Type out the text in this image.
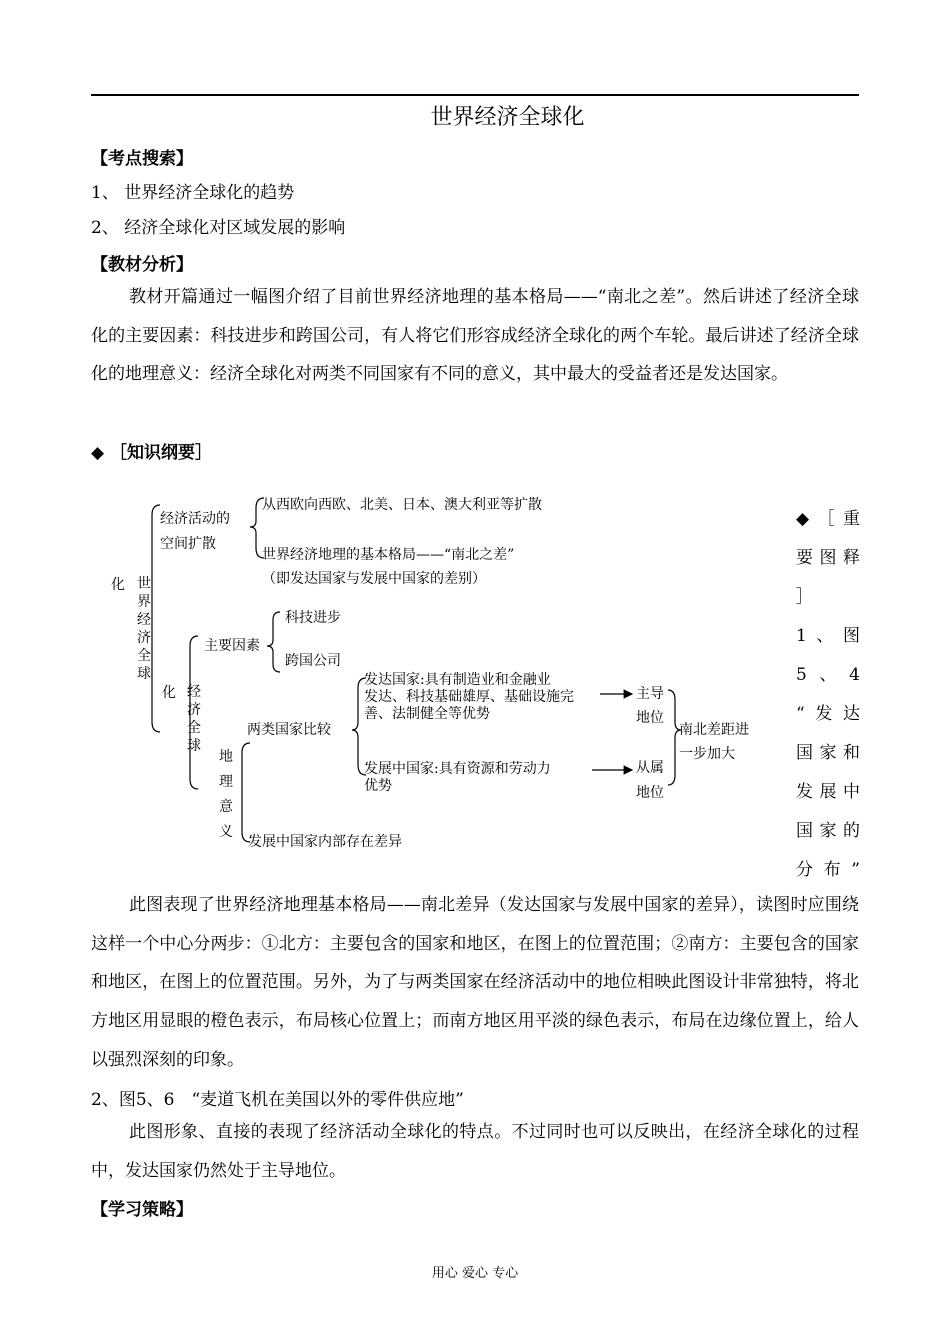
世界经济全球化
【考点搜索】
1、 世界经济全球化的趋势
2、 经济全球化对区域发展的影响
【教材分析】
教材开篇通过一幅图介绍了目前世界经济地理的基本格局——“南北之差”。然后讲述了经济全球化的主要因素：科技进步和跨国公司，有人将它们形容成经济全球化的两个车轮。最后讲述了经济全球化的地理意义：经济全球化对两类不同国家有不同的意义，其中最大的受益者还是发达国家。
◆ ［知识纲要］
化 世界经济全球
经济活动的
空间扩散
从西欧向西欧、北美、日本、澳大利亚等扩散
世界经济地理的基本格局——“南北之差”
（即发达国家与发展中国家的差别）
化 经济全球
主要因素
科技进步
跨国公司
地理意义
两类国家比较
发达国家:具有制造业和金融业
发达、科技基础雄厚、基础设施完
善、法制健全等优势
发展中国家:具有资源和劳动力
优势
主导
地位
从属
地位
南北差距进
一步加大
发展中国家内部存在差异
◆［重
要图释
］
1、图
5、4
“发达
国家和
发展中
国家的
分布”
此图表现了世界经济地理基本格局——南北差异（发达国家与发展中国家的差异），读图时应围绕这样一个中心分两步：①北方：主要包含的国家和地区，在图上的位置范围；②南方：主要包含的国家和地区，在图上的位置范围。另外，为了与两类国家在经济活动中的地位相映此图设计非常独特，将北方地区用显眼的橙色表示，布局核心位置上；而南方地区用平淡的绿色表示，布局在边缘位置上，给人以强烈深刻的印象。
2、图5、6　“麦道飞机在美国以外的零件供应地”
此图形象、直接的表现了经济活动全球化的特点。不过同时也可以反映出，在经济全球化的过程中，发达国家仍然处于主导地位。
【学习策略】
用心 爱心 专心
